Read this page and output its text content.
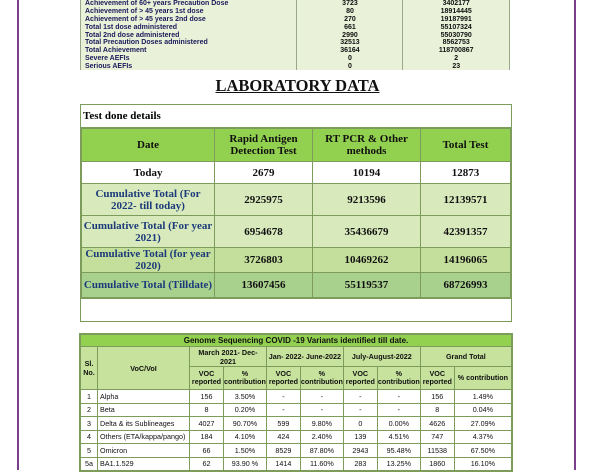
Achievement of 60+ years Precaution Dose	3723	3402177
Achievement of > 45 years 1st dose	80	18914445
Achievement of > 45 years 2nd dose	270	19187991
Total 1st dose administered	661	55107324
Total 2nd dose administered	2990	55030790
Total Precaution Doses administered	32513	8562753
Total Achievement	36164	118700867
Severe AEFIs	0	2
Serious AEFIs	0	23
LABORATORY DATA
Test done details
Date	Rapid Antigen Detection Test	RT PCR & Other methods	Total Test
Today	2679	10194	12873
Cumulative Total (For 2022- till today)	2925975	9213596	12139571
Cumulative Total (For year 2021)	6954678	35436679	42391357
Cumulative Total (for year 2020)	3726803	10469262	14196065
Cumulative Total (Tilldate)	13607456	55119537	68726993
Genome Sequencing COVID -19 Variants identified till date.									
Sl. No.	VoC/VoI	March 2021- Dec- 2021		Jan- 2022- June-2022		July-August-2022		Grand Total	
		VOC reported	% contribution	VOC reported	% contribution	VOC reported	% contribution	VOC reported	% contribution
1	Alpha	156	3.50%	-	-	-	-	156	1.49%
2	Beta	8	0.20%	-	-	-	-	8	0.04%
3	Delta & its Sublineages	4027	90.70%	599	9.80%	0	0.00%	4626	27.09%
4	Others (ETA/kappa/pango)	184	4.10%	424	2.40%	139	4.51%	747	4.37%
5	Omicron	66	1.50%	8529	87.80%	2943	95.48%	11538	67.50%
5a	BA1.1.529	62	93.90 %	1414	11.60%	283	13.25%	1860	16.10%
